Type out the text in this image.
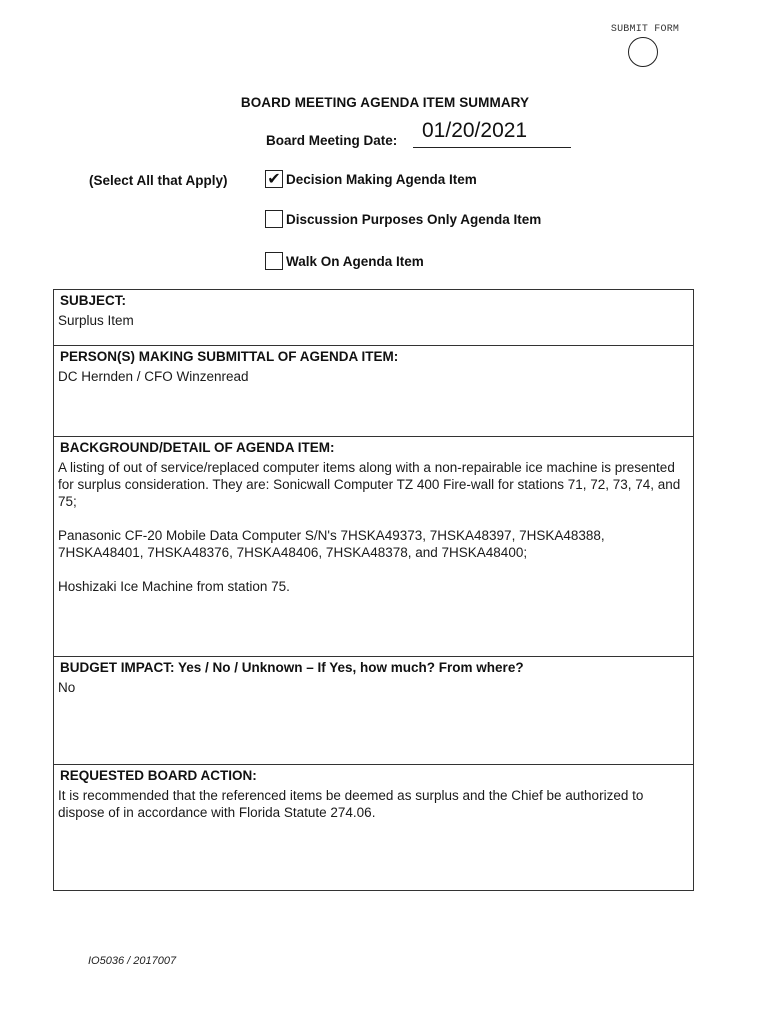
SUBMIT FORM
BOARD MEETING AGENDA ITEM SUMMARY
Board Meeting Date:	01/20/2021
(Select All that Apply) ✔ Decision Making Agenda Item
Discussion Purposes Only Agenda Item
Walk On Agenda Item
SUBJECT:
Surplus Item
PERSON(S) MAKING SUBMITTAL OF AGENDA ITEM:
DC Hernden / CFO Winzenread
BACKGROUND/DETAIL OF AGENDA ITEM:

A listing of out of service/replaced computer items along with a non-repairable ice machine is presented for surplus consideration. They are: Sonicwall Computer TZ 400 Fire-wall for stations 71, 72, 73, 74, and 75;

Panasonic CF-20 Mobile Data Computer S/N's 7HSKA49373, 7HSKA48397, 7HSKA48388, 7HSKA48401, 7HSKA48376, 7HSKA48406, 7HSKA48378, and 7HSKA48400;

Hoshizaki Ice Machine from station 75.

BUDGET IMPACT: Yes / No / Unknown – If Yes, how much? From where?
No
REQUESTED BOARD ACTION:
It is recommended that the referenced items be deemed as surplus and the Chief be authorized to dispose of in accordance with Florida Statute 274.06.
IO5036 / 2017007
